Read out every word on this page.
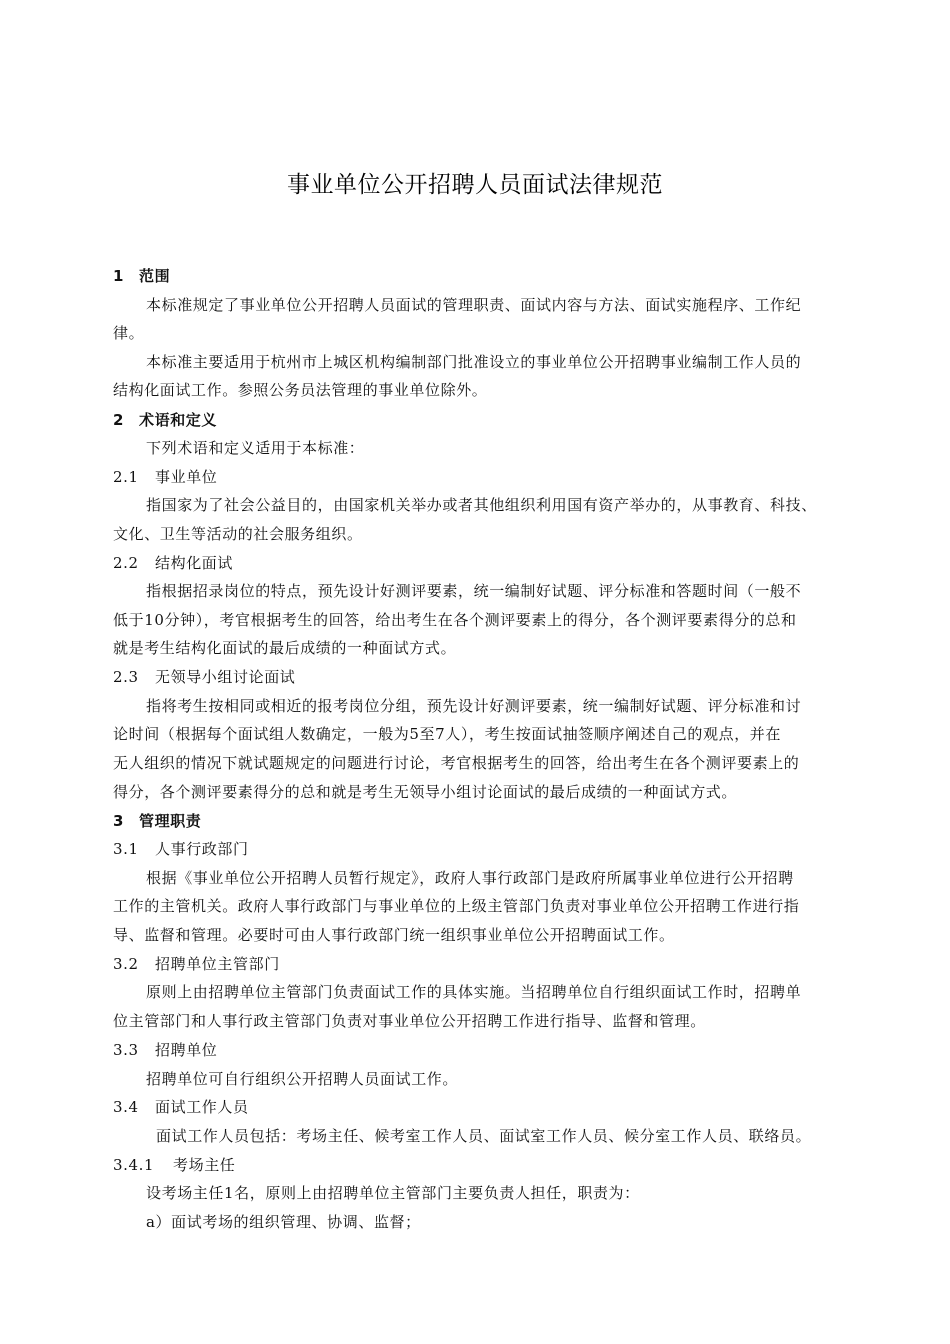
事业单位公开招聘人员面试法律规范
1 范围
本标准规定了事业单位公开招聘人员面试的管理职责、面试内容与方法、面试实施程序、工作纪
律。
本标准主要适用于杭州市上城区机构编制部门批准设立的事业单位公开招聘事业编制工作人员的
结构化面试工作。参照公务员法管理的事业单位除外。
2 术语和定义
下列术语和定义适用于本标准：
2.1 事业单位
指国家为了社会公益目的，由国家机关举办或者其他组织利用国有资产举办的，从事教育、科技、
文化、卫生等活动的社会服务组织。
2.2 结构化面试
指根据招录岗位的特点，预先设计好测评要素，统一编制好试题、评分标准和答题时间（一般不
低于10分钟），考官根据考生的回答，给出考生在各个测评要素上的得分，各个测评要素得分的总和
就是考生结构化面试的最后成绩的一种面试方式。
2.3 无领导小组讨论面试
指将考生按相同或相近的报考岗位分组，预先设计好测评要素，统一编制好试题、评分标准和讨
论时间（根据每个面试组人数确定，一般为5至7人），考生按面试抽签顺序阐述自己的观点，并在
无人组织的情况下就试题规定的问题进行讨论，考官根据考生的回答，给出考生在各个测评要素上的
得分，各个测评要素得分的总和就是考生无领导小组讨论面试的最后成绩的一种面试方式。
3 管理职责
3.1 人事行政部门
根据《事业单位公开招聘人员暂行规定》，政府人事行政部门是政府所属事业单位进行公开招聘
工作的主管机关。政府人事行政部门与事业单位的上级主管部门负责对事业单位公开招聘工作进行指
导、监督和管理。必要时可由人事行政部门统一组织事业单位公开招聘面试工作。
3.2 招聘单位主管部门
原则上由招聘单位主管部门负责面试工作的具体实施。当招聘单位自行组织面试工作时，招聘单
位主管部门和人事行政主管部门负责对事业单位公开招聘工作进行指导、监督和管理。
3.3 招聘单位
招聘单位可自行组织公开招聘人员面试工作。
3.4 面试工作人员
面试工作人员包括：考场主任、候考室工作人员、面试室工作人员、候分室工作人员、联络员。
3.4.1 考场主任
设考场主任1名，原则上由招聘单位主管部门主要负责人担任，职责为：
a）面试考场的组织管理、协调、监督；
